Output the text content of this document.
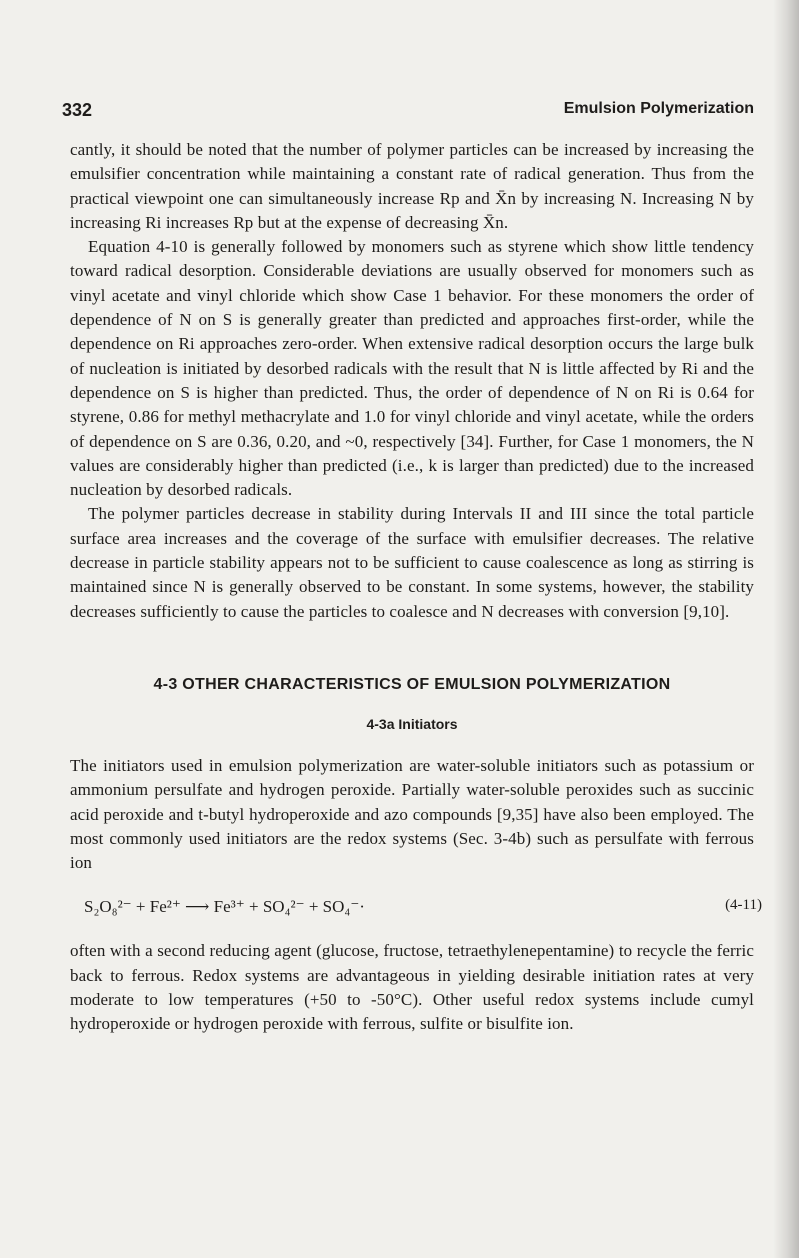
332	Emulsion Polymerization

cantly, it should be noted that the number of polymer particles can be increased by increasing the emulsifier concentration while maintaining a constant rate of radical generation. Thus from the practical viewpoint one can simultaneously increase Rp and X̄n by increasing N. Increasing N by increasing Ri increases Rp but at the expense of decreasing X̄n.

Equation 4-10 is generally followed by monomers such as styrene which show little tendency toward radical desorption. Considerable deviations are usually observed for monomers such as vinyl acetate and vinyl chloride which show Case 1 behavior. For these monomers the order of dependence of N on S is generally greater than predicted and approaches first-order, while the dependence on Ri approaches zero-order. When extensive radical desorption occurs the large bulk of nucleation is initiated by desorbed radicals with the result that N is little affected by Ri and the dependence on S is higher than predicted. Thus, the order of dependence of N on Ri is 0.64 for styrene, 0.86 for methyl methacrylate and 1.0 for vinyl chloride and vinyl acetate, while the orders of dependence on S are 0.36, 0.20, and ~0, respectively [34]. Further, for Case 1 monomers, the N values are considerably higher than predicted (i.e., k is larger than predicted) due to the increased nucleation by desorbed radicals.

The polymer particles decrease in stability during Intervals II and III since the total particle surface area increases and the coverage of the surface with emulsifier decreases. The relative decrease in particle stability appears not to be sufficient to cause coalescence as long as stirring is maintained since N is generally observed to be constant. In some systems, however, the stability decreases sufficiently to cause the particles to coalesce and N decreases with conversion [9,10].

4-3 OTHER CHARACTERISTICS OF EMULSION POLYMERIZATION
4-3a Initiators

The initiators used in emulsion polymerization are water-soluble initiators such as potassium or ammonium persulfate and hydrogen peroxide. Partially water-soluble peroxides such as succinic acid peroxide and t-butyl hydroperoxide and azo compounds [9,35] have also been employed. The most commonly used initiators are the redox systems (Sec. 3-4b) such as persulfate with ferrous ion

S₂O₈²⁻ + Fe²⁺ ⟶ Fe³⁺ + SO₄²⁻ + SO₄⁻·	(4-11)

often with a second reducing agent (glucose, fructose, tetraethylenepentamine) to recycle the ferric back to ferrous. Redox systems are advantageous in yielding desirable initiation rates at very moderate to low temperatures (+50 to -50°C). Other useful redox systems include cumyl hydroperoxide or hydrogen peroxide with ferrous, sulfite or bisulfite ion.
